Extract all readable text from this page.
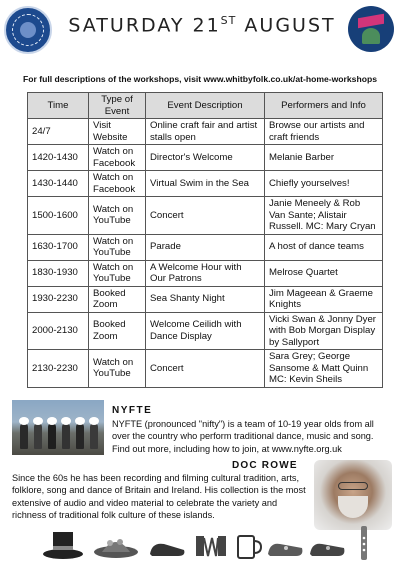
SATURDAY 21ST AUGUST
For full descriptions of the workshops, visit www.whitbyfolk.co.uk/at-home-workshops
Time	Type of Event	Event Description	Performers and Info
24/7	Visit Website	Online craft fair and artist stalls open	Browse our artists and craft friends
1420-1430	Watch on Facebook	Director's Welcome	Melanie Barber
1430-1440	Watch on Facebook	Virtual Swim in the Sea	Chiefly yourselves!
1500-1600	Watch on YouTube	Concert	Janie Meneely & Rob Van Sante; Alistair Russell. MC: Mary Cryan
1630-1700	Watch on YouTube	Parade	A host of dance teams
1830-1930	Watch on YouTube	A Welcome Hour with Our Patrons	Melrose Quartet
1930-2230	Booked Zoom	Sea Shanty Night	Jim Mageean & Graeme Knights
2000-2130	Booked Zoom	Welcome Ceilidh with Dance Display	Vicki Swan & Jonny Dyer with Bob Morgan Display by Sallyport
2130-2230	Watch on YouTube	Concert	Sara Grey; George Sansome & Matt Quinn MC: Kevin Sheils
NYFTE
NYFTE (pronounced "nifty") is a team of 10-19 year olds from all over the country who perform traditional dance, music and song. Find out more, including how to join, at www.nyfte.org.uk
DOC ROWE
Since the 60s he has been recording and filming cultural tradition, arts, folklore, song and dance of Britain and Ireland. His collection is the most extensive of audio and video material to celebrate the variety and richness of traditional folk culture of these islands.
